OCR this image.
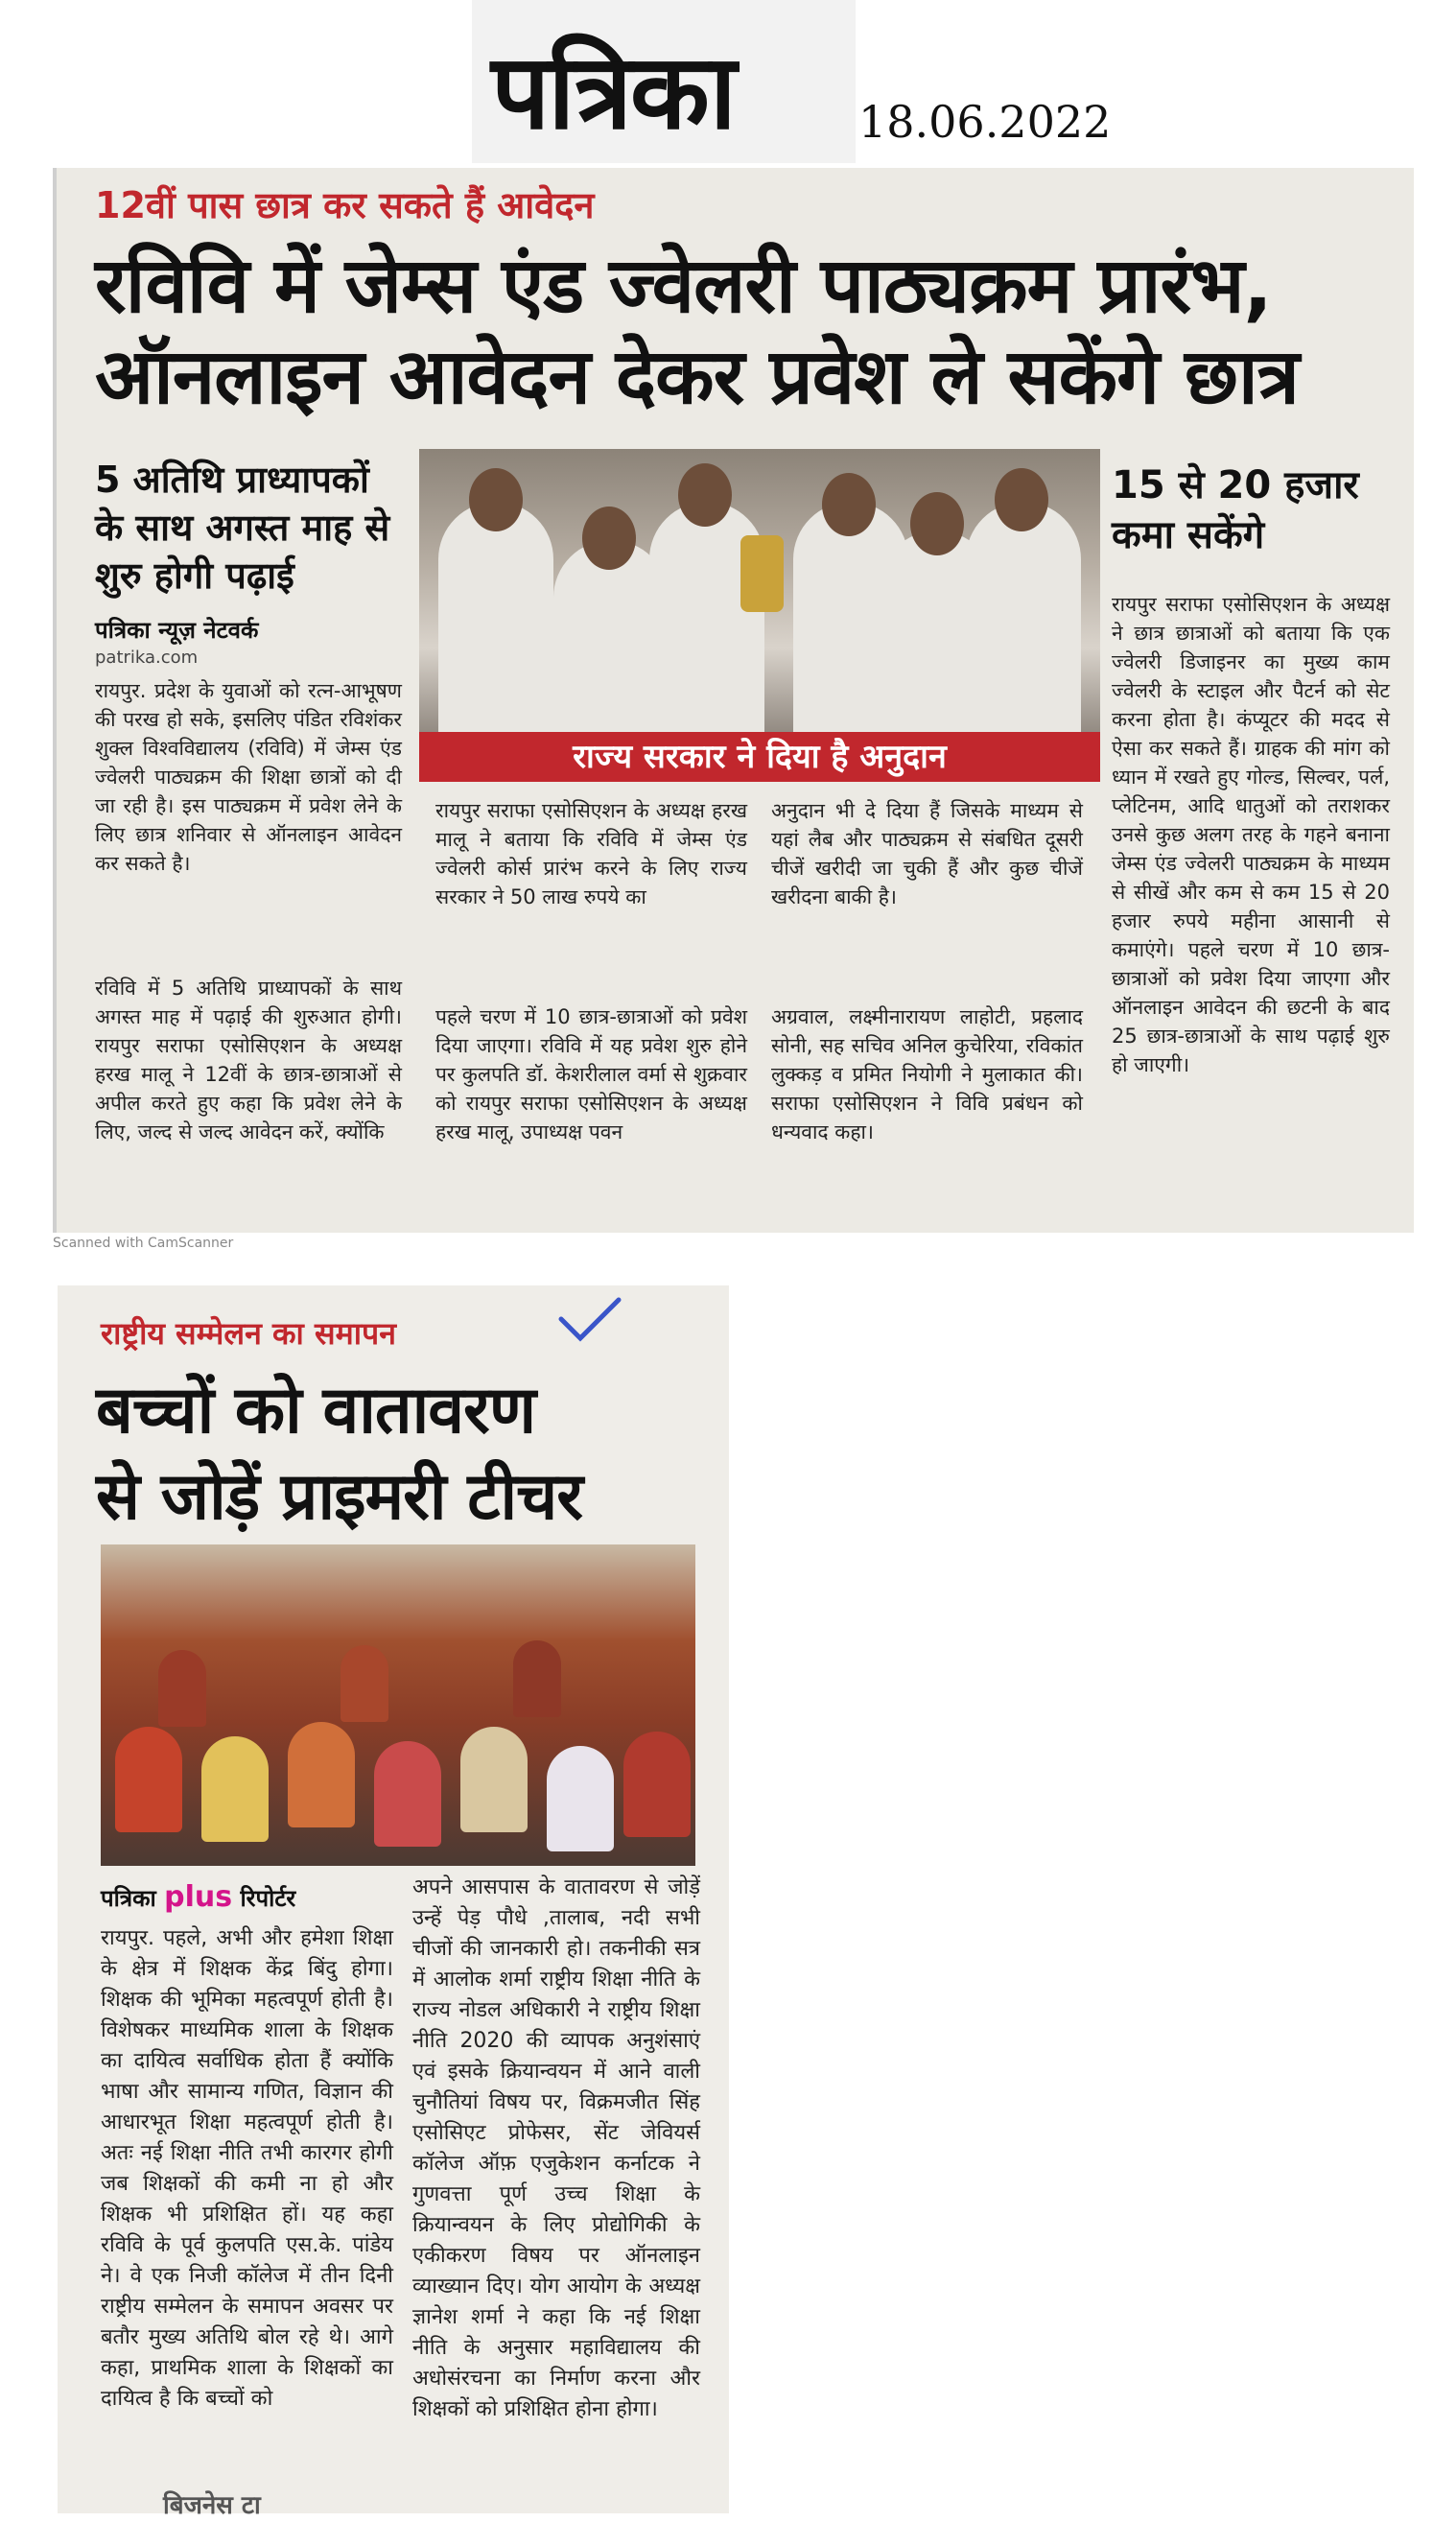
पत्रिका	18.06.2022
12वीं पास छात्र कर सकते हैं आवेदन
रविवि में जेम्स एंड ज्वेलरी पाठ्यक्रम प्रारंभ,
ऑनलाइन आवेदन देकर प्रवेश ले सकेंगे छात्र
5 अतिथि प्राध्यापकों के साथ अगस्त माह से शुरु होगी पढ़ाई
पत्रिका न्यूज़ नेटवर्क
patrika.com
रायपुर. प्रदेश के युवाओं को रत्न-आभूषण की परख हो सके, इसलिए पंडित रविशंकर शुक्ल विश्वविद्यालय (रविवि) में जेम्स एंड ज्वेलरी पाठ्यक्रम की शिक्षा छात्रों को दी जा रही है। इस पाठ्यक्रम में प्रवेश लेने के लिए छात्र शनिवार से ऑनलाइन आवेदन कर सकते है।
रविवि में 5 अतिथि प्राध्यापकों के साथ अगस्त माह में पढ़ाई की शुरुआत होगी। रायपुर सराफा एसोसिएशन के अध्यक्ष हरख मालू ने 12वीं के छात्र-छात्राओं से अपील करते हुए कहा कि प्रवेश लेने के लिए, जल्द से जल्द आवेदन करें, क्योंकि
राज्य सरकार ने दिया है अनुदान
रायपुर सराफा एसोसिएशन के अध्यक्ष हरख मालू ने बताया कि रविवि में जेम्स एंड ज्वेलरी कोर्स प्रारंभ करने के लिए राज्य सरकार ने 50 लाख रुपये का
अनुदान भी दे दिया हैं जिसके माध्यम से यहां लैब और पाठ्यक्रम से संबधित दूसरी चीजें खरीदी जा चुकी हैं और कुछ चीजें खरीदना बाकी है।
पहले चरण में 10 छात्र-छात्राओं को प्रवेश दिया जाएगा। रविवि में यह प्रवेश शुरु होने पर कुलपति डॉ. केशरीलाल वर्मा से शुक्रवार को रायपुर सराफा एसोसिएशन के अध्यक्ष हरख मालू, उपाध्यक्ष पवन
अग्रवाल, लक्ष्मीनारायण लाहोटी, प्रहलाद सोनी, सह सचिव अनिल कुचेरिया, रविकांत लुक्कड़ व प्रमित नियोगी ने मुलाकात की। सराफा एसोसिएशन ने विवि प्रबंधन को धन्यवाद कहा।
15 से 20 हजार कमा सकेंगे
रायपुर सराफा एसोसिएशन के अध्यक्ष ने छात्र छात्राओं को बताया कि एक ज्वेलरी डिजाइनर का मुख्य काम ज्वेलरी के स्टाइल और पैटर्न को सेट करना होता है। कंप्यूटर की मदद से ऐसा कर सकते हैं। ग्राहक की मांग को ध्यान में रखते हुए गोल्ड, सिल्वर, पर्ल, प्लेटिनम, आदि धातुओं को तराशकर उनसे कुछ अलग तरह के गहने बनाना जेम्स एंड ज्वेलरी पाठ्यक्रम के माध्यम से सीखें और कम से कम 15 से 20 हजार रुपये महीना आसानी से कमाएंगे। पहले चरण में 10 छात्र-छात्राओं को प्रवेश दिया जाएगा और ऑनलाइन आवेदन की छटनी के बाद 25 छात्र-छात्राओं के साथ पढ़ाई शुरु हो जाएगी।
Scanned with CamScanner
राष्ट्रीय सम्मेलन का समापन
बच्चों को वातावरण
से जोड़ें प्राइमरी टीचर
पत्रिका plus रिपोर्टर
रायपुर. पहले, अभी और हमेशा शिक्षा के क्षेत्र में शिक्षक केंद्र बिंदु होगा। शिक्षक की भूमिका महत्वपूर्ण होती है। विशेषकर माध्यमिक शाला के शिक्षक का दायित्व सर्वाधिक होता हैं क्योंकि भाषा और सामान्य गणित, विज्ञान की आधारभूत शिक्षा महत्वपूर्ण होती है। अतः नई शिक्षा नीति तभी कारगर होगी जब शिक्षकों की कमी ना हो और शिक्षक भी प्रशिक्षित हों। यह कहा रविवि के पूर्व कुलपति एस.के. पांडेय ने। वे एक निजी कॉलेज में तीन दिनी राष्ट्रीय सम्मेलन के समापन अवसर पर बतौर मुख्य अतिथि बोल रहे थे। आगे कहा, प्राथमिक शाला के शिक्षकों का दायित्व है कि बच्चों को
अपने आसपास के वातावरण से जोड़ें उन्हें पेड़ पौधे ,तालाब, नदी सभी चीजों की जानकारी हो। तकनीकी सत्र में आलोक शर्मा राष्ट्रीय शिक्षा नीति के राज्य नोडल अधिकारी ने राष्ट्रीय शिक्षा नीति 2020 की व्यापक अनुशंसाएं एवं इसके क्रियान्वयन में आने वाली चुनौतियां विषय पर, विक्रमजीत सिंह एसोसिएट प्रोफेसर, सेंट जेवियर्स कॉलेज ऑफ़ एजुकेशन कर्नाटक ने गुणवत्ता पूर्ण उच्च शिक्षा के क्रियान्वयन के लिए प्रोद्योगिकी के एकीकरण विषय पर ऑनलाइन व्याख्यान दिए। योग आयोग के अध्यक्ष ज्ञानेश शर्मा ने कहा कि नई शिक्षा नीति के अनुसार महाविद्यालय की अधोसंरचना का निर्माण करना और शिक्षकों को प्रशिक्षित होना होगा।
बिजनेस टा
